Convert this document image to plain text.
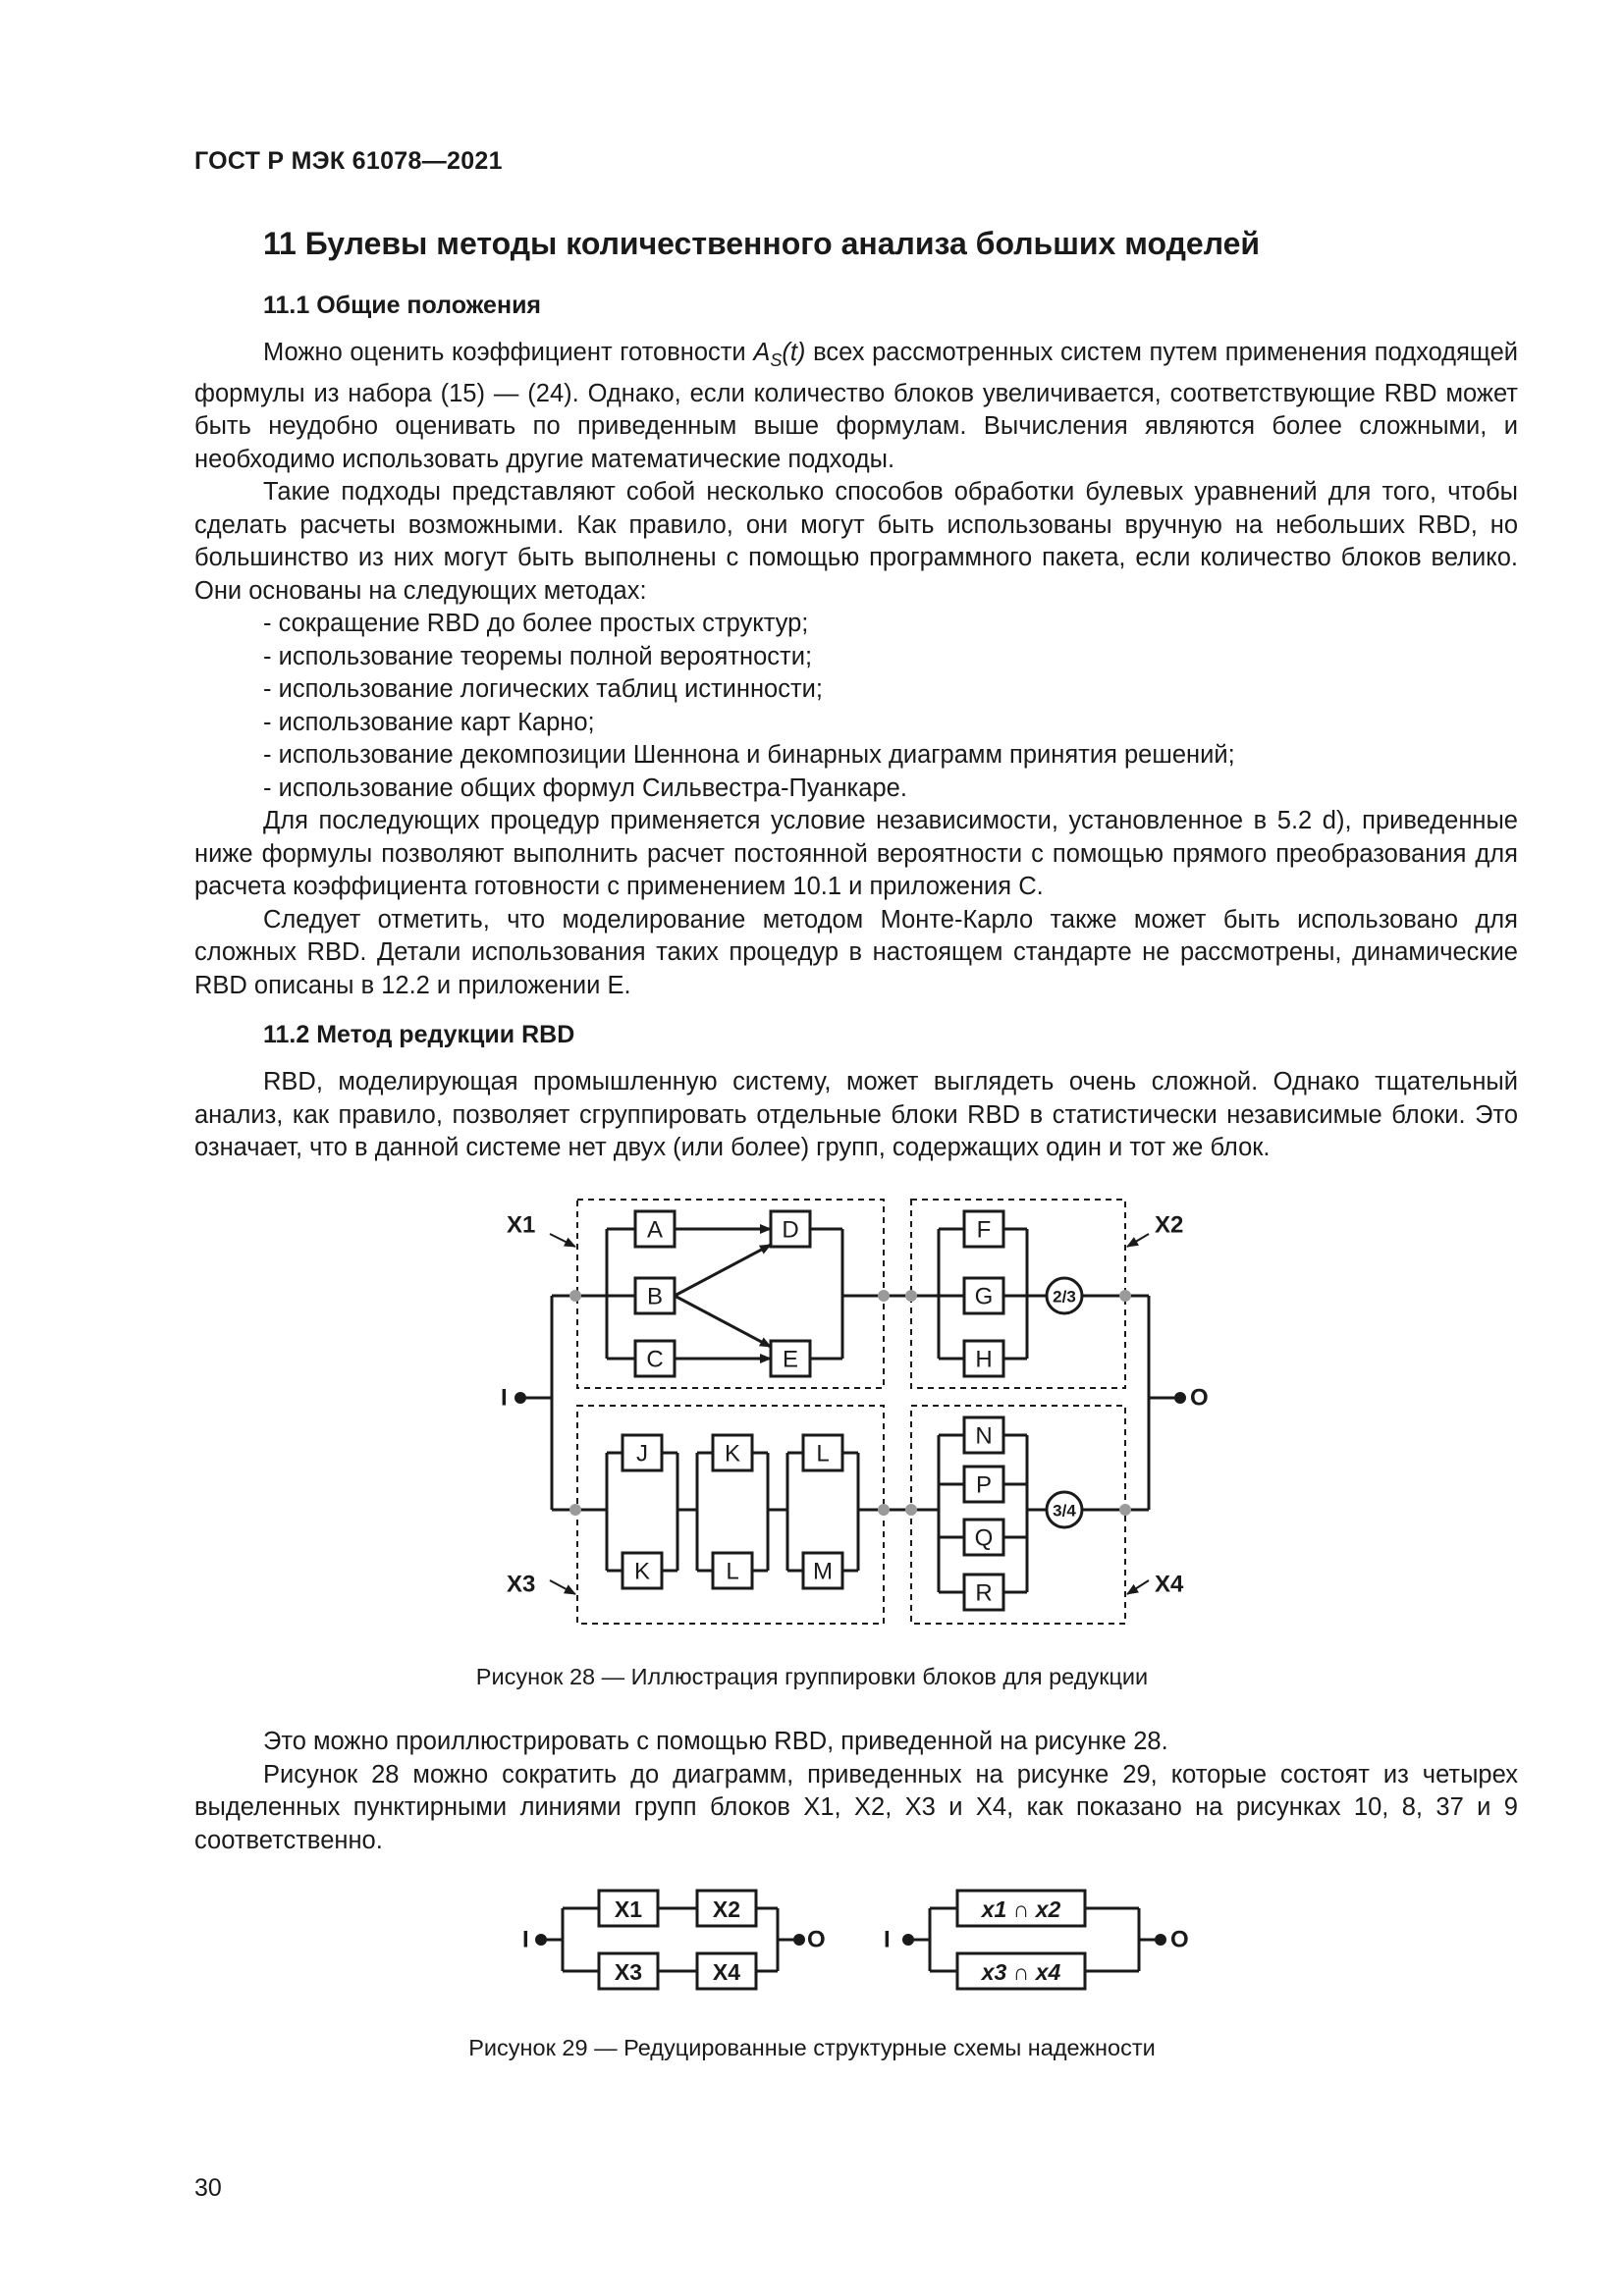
ГОСТ Р МЭК 61078—2021
11 Булевы методы количественного анализа больших моделей
11.1 Общие положения

Можно оценить коэффициент готовности $A_S(t)$ всех рассмотренных систем путем применения подходящей формулы из набора (15) — (24). Однако, если количество блоков увеличивается, соответствующие RBD может быть неудобно оценивать по приведенным выше формулам. Вычисления являются более сложными, и необходимо использовать другие математические подходы.

Такие подходы представляют собой несколько способов обработки булевых уравнений для того, чтобы сделать расчеты возможными. Как правило, они могут быть использованы вручную на небольших RBD, но большинство из них могут быть выполнены с помощью программного пакета, если количество блоков велико. Они основаны на следующих методах:

- сокращение RBD до более простых структур;

- использование теоремы полной вероятности;

- использование логических таблиц истинности;

- использование карт Карно;

- использование декомпозиции Шеннона и бинарных диаграмм принятия решений;

- использование общих формул Сильвестра-Пуанкаре.

Для последующих процедур применяется условие независимости, установленное в 5.2 d), приведенные ниже формулы позволяют выполнить расчет постоянной вероятности с помощью прямого преобразования для расчета коэффициента готовности с применением 10.1 и приложения С.

Следует отметить, что моделирование методом Монте-Карло также может быть использовано для сложных RBD. Детали использования таких процедур в настоящем стандарте не рассмотрены, динамические RBD описаны в 12.2 и приложении Е.

11.2 Метод редукции RBD

RBD, моделирующая промышленную систему, может выглядеть очень сложной. Однако тщательный анализ, как правило, позволяет сгруппировать отдельные блоки RBD в статистически независимые блоки. Это означает, что в данной системе нет двух (или более) групп, содержащих один и тот же блок.

A
B
C
D
E
F
G
H
J
K
K
L
L
M
N
P
Q
R
2/3
3/4
X1	X2
X3	X4
I	O
Рисунок 28 — Иллюстрация группировки блоков для редукции

Это можно проиллюстрировать с помощью RBD, приведенной на рисунке 28.

Рисунок 28 можно сократить до диаграмм, приведенных на рисунке 29, которые состоят из четырех выделенных пунктирными линиями групп блоков X1, X2, X3 и X4, как показано на рисунках 10, 8, 37 и 9 соответственно.

X1	X2
X3	X4
x1 ∩ x2
x3 ∩ x4
I	O I	O
Рисунок 29 — Редуцированные структурные схемы надежности
30
